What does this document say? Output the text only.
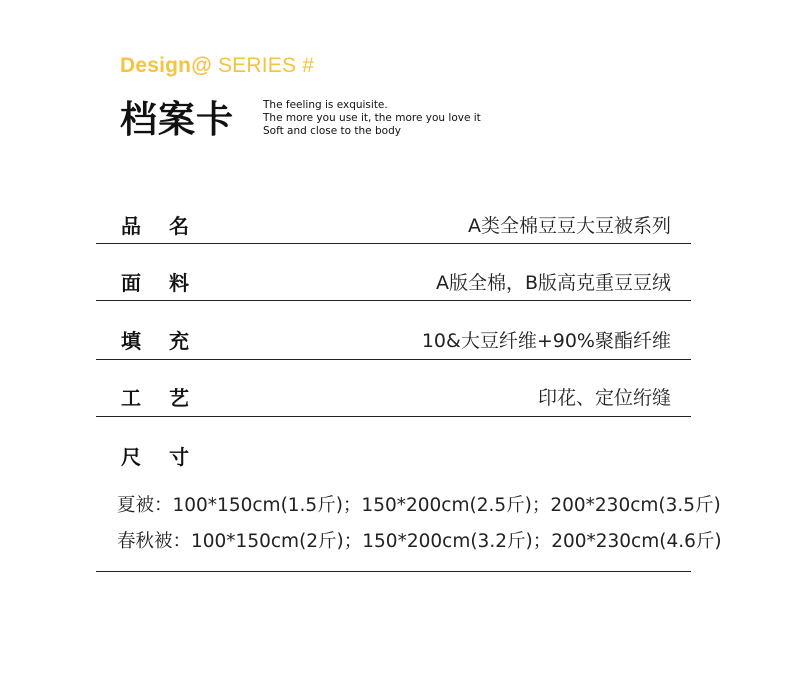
Design@ SERIES #
档案卡	The feeling is exquisite.
The more you use it, the more you love it
Soft and close to the body
品 名	A类全棉豆豆大豆被系列
面 料	A版全棉，B版高克重豆豆绒
填 充	10&大豆纤维+90%聚酯纤维
工 艺	印花、定位绗缝
尺 寸
夏被：100*150cm(1.5斤)；150*200cm(2.5斤)；200*230cm(3.5斤)
春秋被：100*150cm(2斤)；150*200cm(3.2斤)；200*230cm(4.6斤)
